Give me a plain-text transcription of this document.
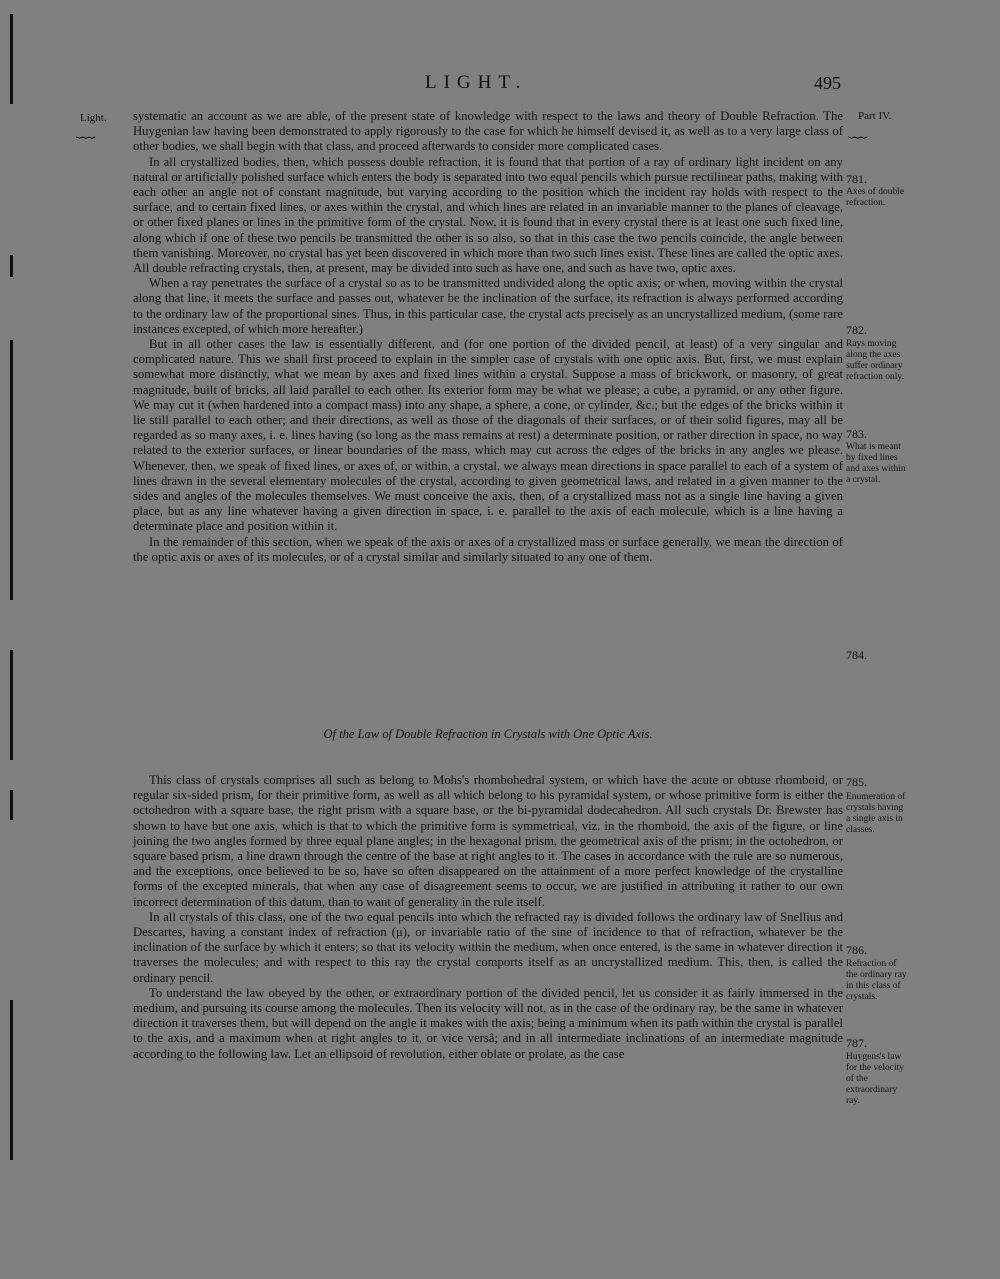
LIGHT.	495
Light.
⏟⏟⏟
Part IV.
⏟⏟⏟

systematic an account as we are able, of the present state of knowledge with respect to the laws and theory of Double Refraction. The Huygenian law having been demonstrated to apply rigorously to the case for which he himself devised it, as well as to a very large class of other bodies, we shall begin with that class, and proceed afterwards to consider more complicated cases.

In all crystallized bodies, then, which possess double refraction, it is found that that portion of a ray of ordinary light incident on any natural or artificially polished surface which enters the body is separated into two equal pencils which pursue rectilinear paths, making with each other an angle not of constant magnitude, but varying according to the position which the incident ray holds with respect to the surface, and to certain fixed lines, or axes within the crystal, and which lines are related in an invariable manner to the planes of cleavage, or other fixed planes or lines in the primitive form of the crystal. Now, it is found that in every crystal there is at least one such fixed line, along which if one of these two pencils be transmitted the other is so also, so that in this case the two pencils coincide, the angle between them vanishing. Moreover, no crystal has yet been discovered in which more than two such lines exist. These lines are called the optic axes. All double refracting crystals, then, at present, may be divided into such as have one, and such as have two, optic axes.

When a ray penetrates the surface of a crystal so as to be transmitted undivided along the optic axis; or when, moving within the crystal along that line, it meets the surface and passes out, whatever be the inclination of the surface, its refraction is always performed according to the ordinary law of the proportional sines. Thus, in this particular case, the crystal acts precisely as an uncrystallized medium, (some rare instances excepted, of which more hereafter.)

But in all other cases the law is essentially different, and (for one portion of the divided pencil, at least) of a very singular and complicated nature. This we shall first proceed to explain in the simpler case of crystals with one optic axis. But, first, we must explain somewhat more distinctly, what we mean by axes and fixed lines within a crystal. Suppose a mass of brickwork, or masonry, of great magnitude, built of bricks, all laid parallel to each other. Its exterior form may be what we please; a cube, a pyramid, or any other figure. We may cut it (when hardened into a compact mass) into any shape, a sphere, a cone, or cylinder, &c.; but the edges of the bricks within it lie still parallel to each other; and their directions, as well as those of the diagonals of their surfaces, or of their solid figures, may all be regarded as so many axes, i. e. lines having (so long as the mass remains at rest) a determinate position, or rather direction in space, no way related to the exterior surfaces, or linear boundaries of the mass, which may cut across the edges of the bricks in any angles we please. Whenever, then, we speak of fixed lines, or axes of, or within, a crystal, we always mean directions in space parallel to each of a system of lines drawn in the several elementary molecules of the crystal, according to given geometrical laws, and related in a given manner to the sides and angles of the molecules themselves. We must conceive the axis, then, of a crystallized mass not as a single line having a given place, but as any line whatever having a given direction in space, i. e. parallel to the axis of each molecule, which is a line having a determinate place and position within it.

In the remainder of this section, when we speak of the axis or axes of a crystallized mass or surface generally, we mean the direction of the optic axis or axes of its molecules, or of a crystal similar and similarly situated to any one of them.

Of the Law of Double Refraction in Crystals with One Optic Axis.

This class of crystals comprises all such as belong to Mohs's rhombohedral system, or which have the acute or obtuse rhomboid, or regular six-sided prism, for their primitive form, as well as all which belong to his pyramidal system, or whose primitive form is either the octohedron with a square base, the right prism with a square base, or the bi-pyramidal dodecahedron. All such crystals Dr. Brewster has shown to have but one axis, which is that to which the primitive form is symmetrical, viz. in the rhomboid, the axis of the figure, or line joining the two angles formed by three equal plane angles; in the hexagonal prism, the geometrical axis of the prism; in the octohedron, or square based prism, a line drawn through the centre of the base at right angles to it. The cases in accordance with the rule are so numerous, and the exceptions, once believed to be so, have so often disappeared on the attainment of a more perfect knowledge of the crystalline forms of the excepted minerals, that when any case of disagreement seems to occur, we are justified in attributing it rather to our own incorrect determination of this datum, than to want of generality in the rule itself.

In all crystals of this class, one of the two equal pencils into which the refracted ray is divided follows the ordinary law of Snellius and Descartes, having a constant index of refraction (μ), or invariable ratio of the sine of incidence to that of refraction, whatever be the inclination of the surface by which it enters; so that its velocity within the medium, when once entered, is the same in whatever direction it traverses the molecules; and with respect to this ray the crystal comports itself as an uncrystallized medium. This, then, is called the ordinary pencil.

To understand the law obeyed by the other, or extraordinary portion of the divided pencil, let us consider it as fairly immersed in the medium, and pursuing its course among the molecules. Then its velocity will not, as in the case of the ordinary ray, be the same in whatever direction it traverses them, but will depend on the angle it makes with the axis; being a minimum when its path within the crystal is parallel to the axis, and a maximum when at right angles to it, or vice versâ; and in all intermediate inclinations of an intermediate magnitude according to the following law. Let an ellipsoid of revolution, either oblate or prolate, as the case

781.
Axes of double refraction.
782.
Rays moving along the axes suffer ordinary refraction only.
783.
What is meant by fixed lines and axes within a crystal.
784.
785.
Enumeration of crystals having a single axis in classes.
786.
Refraction of the ordinary ray in this class of crystals.
787.
Huygens's law for the velocity of the extraordinary ray.
